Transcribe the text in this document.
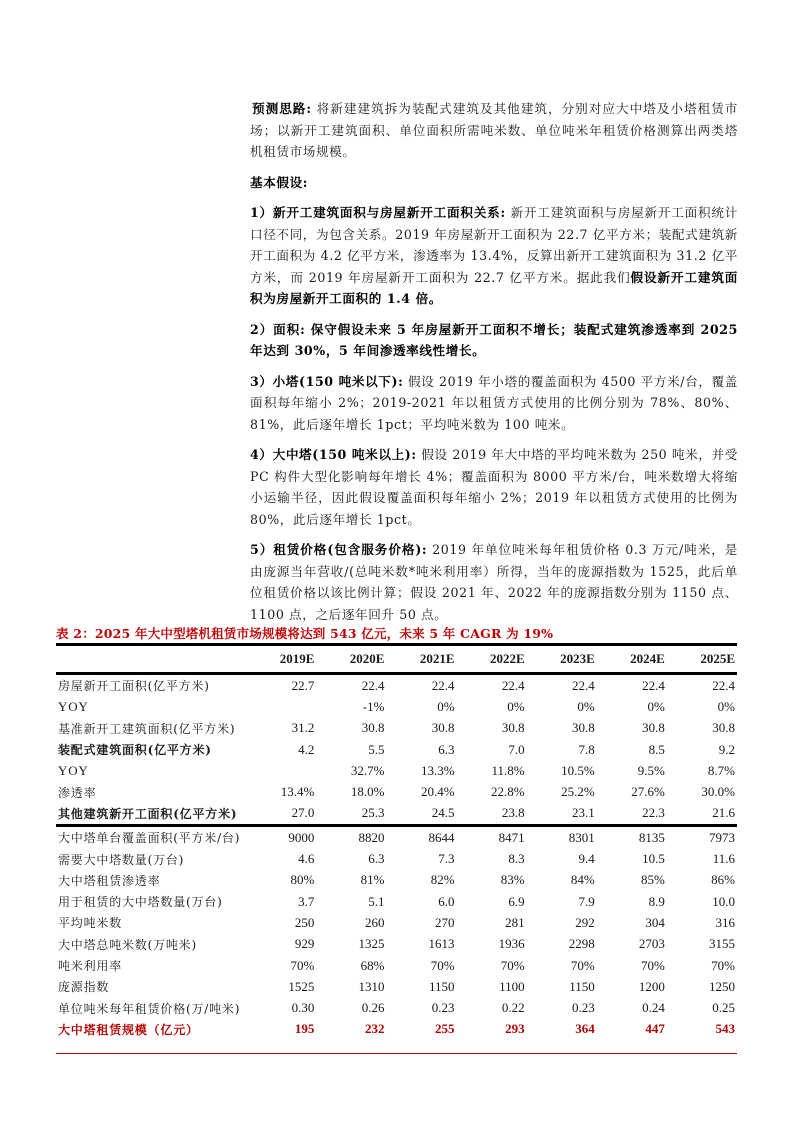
预测思路: 将新建建筑拆为装配式建筑及其他建筑，分别对应大中塔及小塔租赁市场；以新开工建筑面积、单位面积所需吨米数、单位吨米年租赁价格测算出两类塔机租赁市场规模。

基本假设:

1）新开工建筑面积与房屋新开工面积关系: 新开工建筑面积与房屋新开工面积统计口径不同，为包含关系。2019 年房屋新开工面积为 22.7 亿平方米；装配式建筑新开工面积为 4.2 亿平方米，渗透率为 13.4%，反算出新开工建筑面积为 31.2 亿平方米，而 2019 年房屋新开工面积为 22.7 亿平方米。据此我们假设新开工建筑面积为房屋新开工面积的 1.4 倍。

2）面积: 保守假设未来 5 年房屋新开工面积不增长；装配式建筑渗透率到 2025 年达到 30%，5 年间渗透率线性增长。

3）小塔(150 吨米以下): 假设 2019 年小塔的覆盖面积为 4500 平方米/台，覆盖面积每年缩小 2%；2019-2021 年以租赁方式使用的比例分别为 78%、80%、81%，此后逐年增长 1pct；平均吨米数为 100 吨米。

4）大中塔(150 吨米以上): 假设 2019 年大中塔的平均吨米数为 250 吨米，并受 PC 构件大型化影响每年增长 4%；覆盖面积为 8000 平方米/台，吨米数增大将缩小运输半径，因此假设覆盖面积每年缩小 2%；2019 年以租赁方式使用的比例为 80%，此后逐年增长 1pct。

5）租赁价格(包含服务价格): 2019 年单位吨米每年租赁价格 0.3 万元/吨米，是由庞源当年营收/(总吨米数*吨米利用率）所得，当年的庞源指数为 1525，此后单位租赁价格以该比例计算；假设 2021 年、2022 年的庞源指数分别为 1150 点、1100 点，之后逐年回升 50 点。

表 2：2025 年大中型塔机租赁市场规模将达到 543 亿元，未来 5 年 CAGR 为 19%
	2019E	2020E	2021E	2022E	2023E	2024E	2025E
房屋新开工面积(亿平方米)	22.7	22.4	22.4	22.4	22.4	22.4	22.4
YOY		-1%	0%	0%	0%	0%	0%
基准新开工建筑面积(亿平方米)	31.2	30.8	30.8	30.8	30.8	30.8	30.8
装配式建筑面积(亿平方米)	4.2	5.5	6.3	7.0	7.8	8.5	9.2
YOY		32.7%	13.3%	11.8%	10.5%	9.5%	8.7%
渗透率	13.4%	18.0%	20.4%	22.8%	25.2%	27.6%	30.0%
其他建筑新开工面积(亿平方米)	27.0	25.3	24.5	23.8	23.1	22.3	21.6
大中塔单台覆盖面积(平方米/台)	9000	8820	8644	8471	8301	8135	7973
需要大中塔数量(万台)	4.6	6.3	7.3	8.3	9.4	10.5	11.6
大中塔租赁渗透率	80%	81%	82%	83%	84%	85%	86%
用于租赁的大中塔数量(万台)	3.7	5.1	6.0	6.9	7.9	8.9	10.0
平均吨米数	250	260	270	281	292	304	316
大中塔总吨米数(万吨米)	929	1325	1613	1936	2298	2703	3155
吨米利用率	70%	68%	70%	70%	70%	70%	70%
庞源指数	1525	1310	1150	1100	1150	1200	1250
单位吨米每年租赁价格(万/吨米)	0.30	0.26	0.23	0.22	0.23	0.24	0.25
大中塔租赁规模（亿元）	195	232	255	293	364	447	543
